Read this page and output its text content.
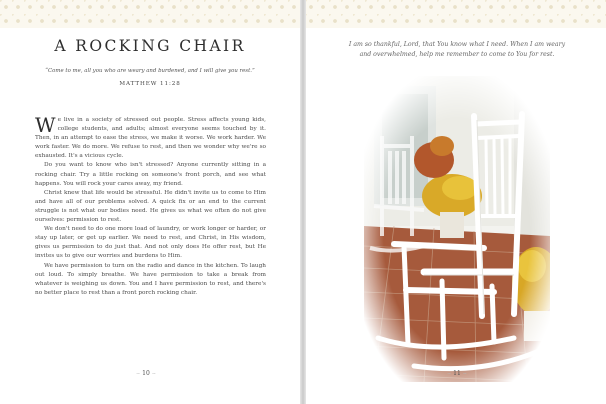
A ROCKING CHAIR

“Come to me, all you who are weary and burdened, and I will give you rest.”

MATTHEW 11:28

We live in a society of stressed out people. Stress affects young kids, college students, and adults; almost everyone seems touched by it. Then, in an attempt to ease the stress, we make it worse. We work harder. We work faster. We do more. We refuse to rest, and then we wonder why we're so exhausted. It's a vicious cycle.

Do you want to know who isn't stressed? Anyone currently sitting in a rocking chair. Try a little rocking on someone's front porch, and see what happens. You will rock your cares away, my friend.

Christ knew that life would be stressful. He didn't invite us to come to Him and have all of our problems solved. A quick fix or an end to the current struggle is not what our bodies need. He gives us what we often do not give ourselves: permission to rest.

We don't need to do one more load of laundry, or work longer or harder, or stay up later, or get up earlier. We need to rest, and Christ, in His wisdom, gives us permission to do just that. And not only does He offer rest, but He invites us to give our worries and burdens to Him.

We have permission to turn on the radio and dance in the kitchen. To laugh out loud. To simply breathe. We have permission to take a break from whatever is weighing us down. You and I have permission to rest, and there's no better place to rest than a front porch rocking chair.

∽ 10 ∽

I am so thankful, Lord, that You know what I need. When I am weary and overwhelmed, help me remember to come to You for rest.

∽ 11 ∽
